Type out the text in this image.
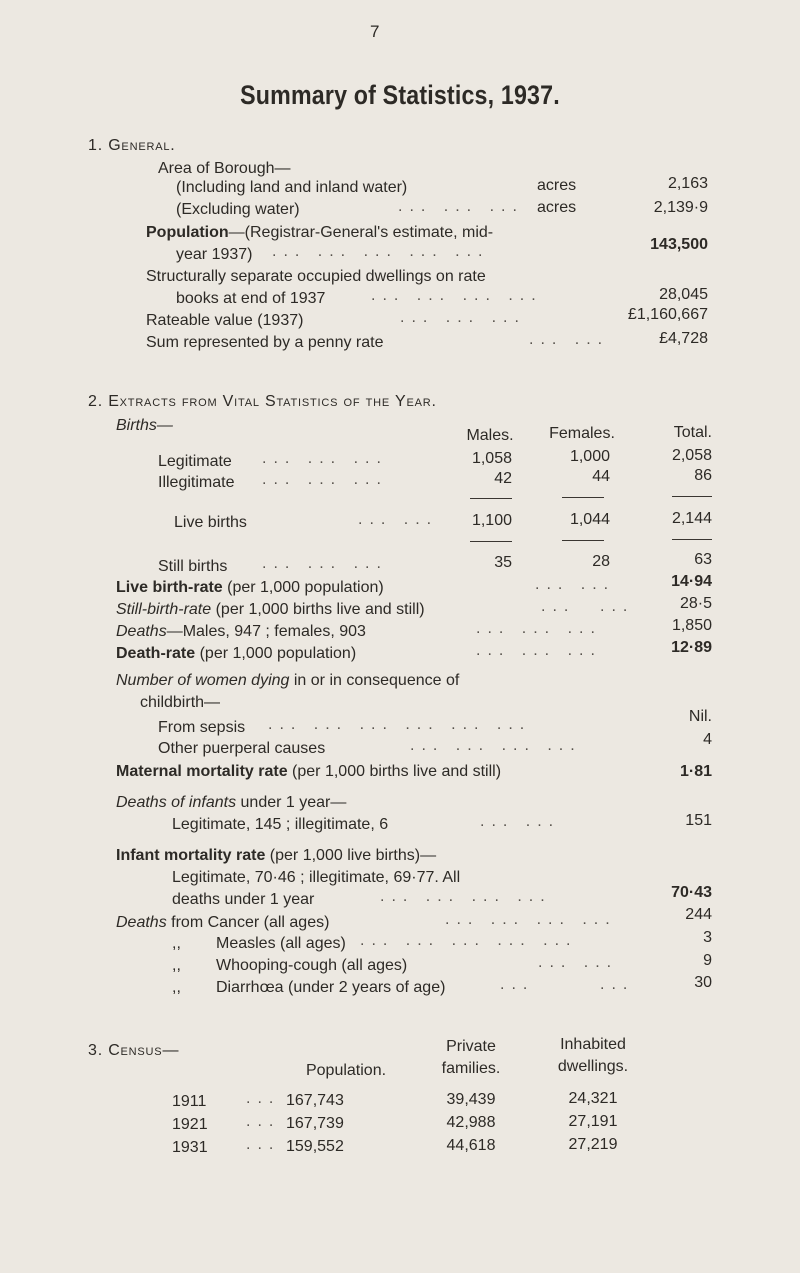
7
Summary of Statistics, 1937.
1. General.
Area of Borough—
(Including land and inland water)	acres	2,163
(Excluding water)	... ... ... acres	2,139·9
Population—(Registrar-General's estimate, mid-
year 1937) ... ... ... ... ...	143,500
Structurally separate occupied dwellings on rate
books at end of 1937	... ... ... ...	28,045
Rateable value (1937)	... ... ...	£1,160,667
Sum represented by a penny rate	... ...	£4,728
2. Extracts from Vital Statistics of the Year.
Births—
Males.	Females.	Total.
Legitimate ... ... ...	1,058	1,000	2,058
Illegitimate ... ... ...	42	44	86
Live births	... ...	1,100	1,044	2,144
Still births ... ... ...	35	28	63
Live birth-rate (per 1,000 population)	... ...	14·94
Still-birth-rate (per 1,000 births live and still)	... ...	28·5
Deaths—Males, 947 ; females, 903	... ... ...	1,850
Death-rate (per 1,000 population)	... ... ...	12·89
Number of women dying in or in consequence of
childbirth—
From sepsis ... ... ... ... ... ...	Nil.
Other puerperal causes	... ... ... ...	4
Maternal mortality rate (per 1,000 births live and still)	1·81
Deaths of infants under 1 year—
Legitimate, 145 ; illegitimate, 6	... ...	151
Infant mortality rate (per 1,000 live births)—
Legitimate, 70·46 ; illegitimate, 69·77. All
deaths under 1 year	... ... ... ...	70·43
Deaths from Cancer (all ages)	... ... ... ...	244
,, Measles (all ages) ... ... ... ... ...	3
,, Whooping-cough (all ages)	... ...	9
,, Diarrhœa (under 2 years of age)	...	...	30
3. Census—
Population.
Private
families.
Inhabited
dwellings.
1911 ... 167,743	39,439	24,321
1921 ... 167,739	42,988	27,191
1931 ... 159,552	44,618	27,219
